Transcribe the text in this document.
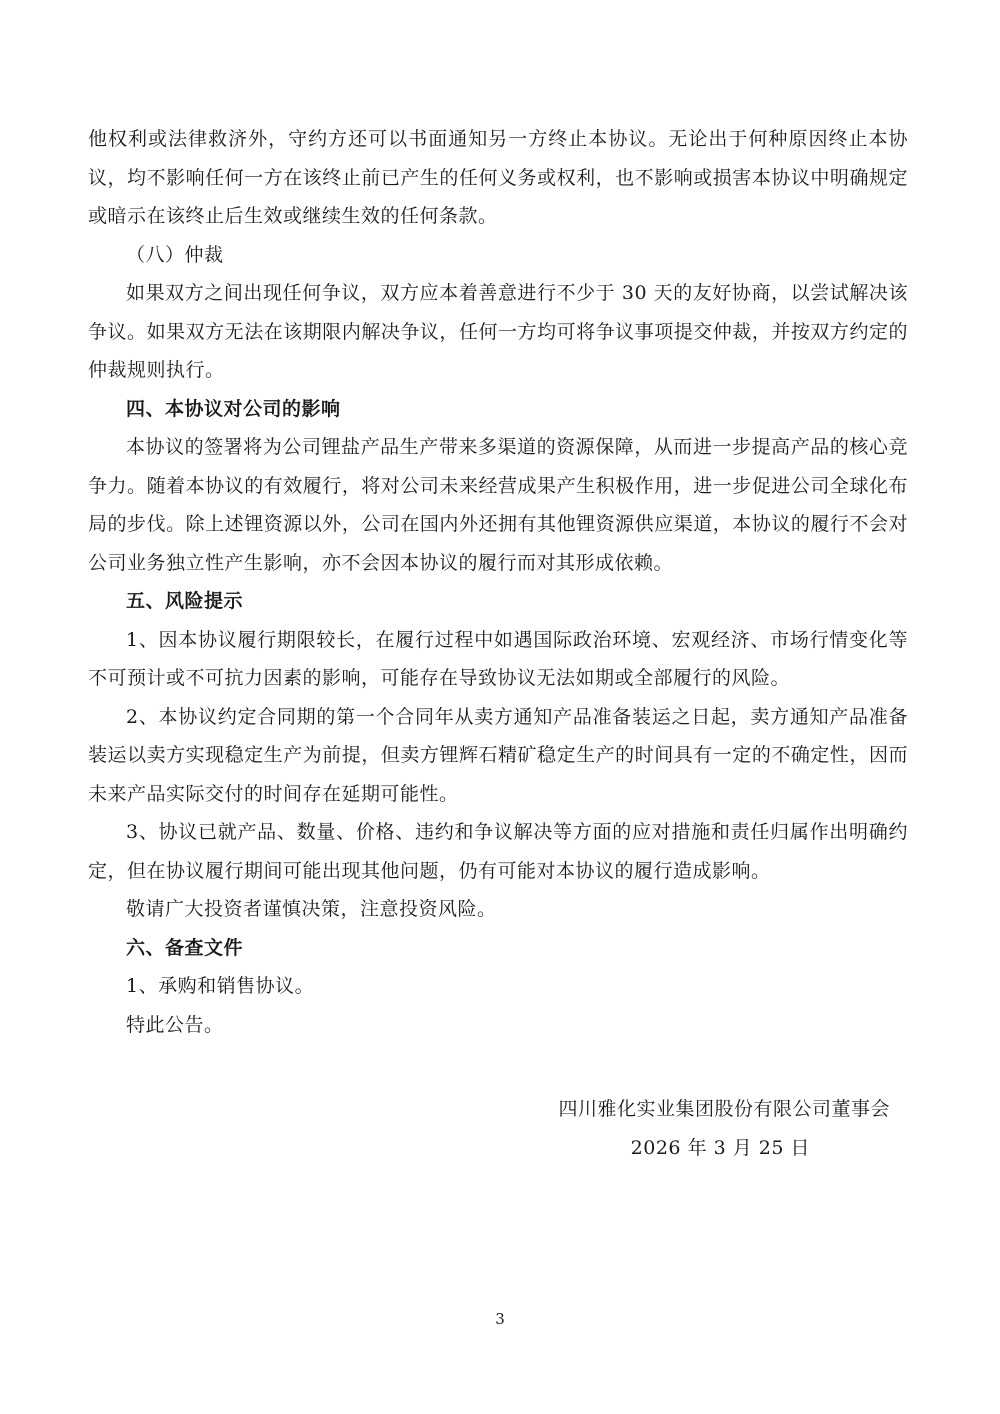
他权利或法律救济外，守约方还可以书面通知另一方终止本协议。无论出于何种原因终止本协议，均不影响任何一方在该终止前已产生的任何义务或权利，也不影响或损害本协议中明确规定或暗示在该终止后生效或继续生效的任何条款。

（八）仲裁

如果双方之间出现任何争议，双方应本着善意进行不少于 30 天的友好协商，以尝试解决该争议。如果双方无法在该期限内解决争议，任何一方均可将争议事项提交仲裁，并按双方约定的仲裁规则执行。

四、本协议对公司的影响

本协议的签署将为公司锂盐产品生产带来多渠道的资源保障，从而进一步提高产品的核心竞争力。随着本协议的有效履行，将对公司未来经营成果产生积极作用，进一步促进公司全球化布局的步伐。除上述锂资源以外，公司在国内外还拥有其他锂资源供应渠道，本协议的履行不会对公司业务独立性产生影响，亦不会因本协议的履行而对其形成依赖。

五、风险提示

1、因本协议履行期限较长，在履行过程中如遇国际政治环境、宏观经济、市场行情变化等不可预计或不可抗力因素的影响，可能存在导致协议无法如期或全部履行的风险。

2、本协议约定合同期的第一个合同年从卖方通知产品准备装运之日起，卖方通知产品准备装运以卖方实现稳定生产为前提，但卖方锂辉石精矿稳定生产的时间具有一定的不确定性，因而未来产品实际交付的时间存在延期可能性。

3、协议已就产品、数量、价格、违约和争议解决等方面的应对措施和责任归属作出明确约定，但在协议履行期间可能出现其他问题，仍有可能对本协议的履行造成影响。

敬请广大投资者谨慎决策，注意投资风险。

六、备查文件

1、承购和销售协议。

特此公告。

四川雅化实业集团股份有限公司董事会
2026 年 3 月 25 日
3
